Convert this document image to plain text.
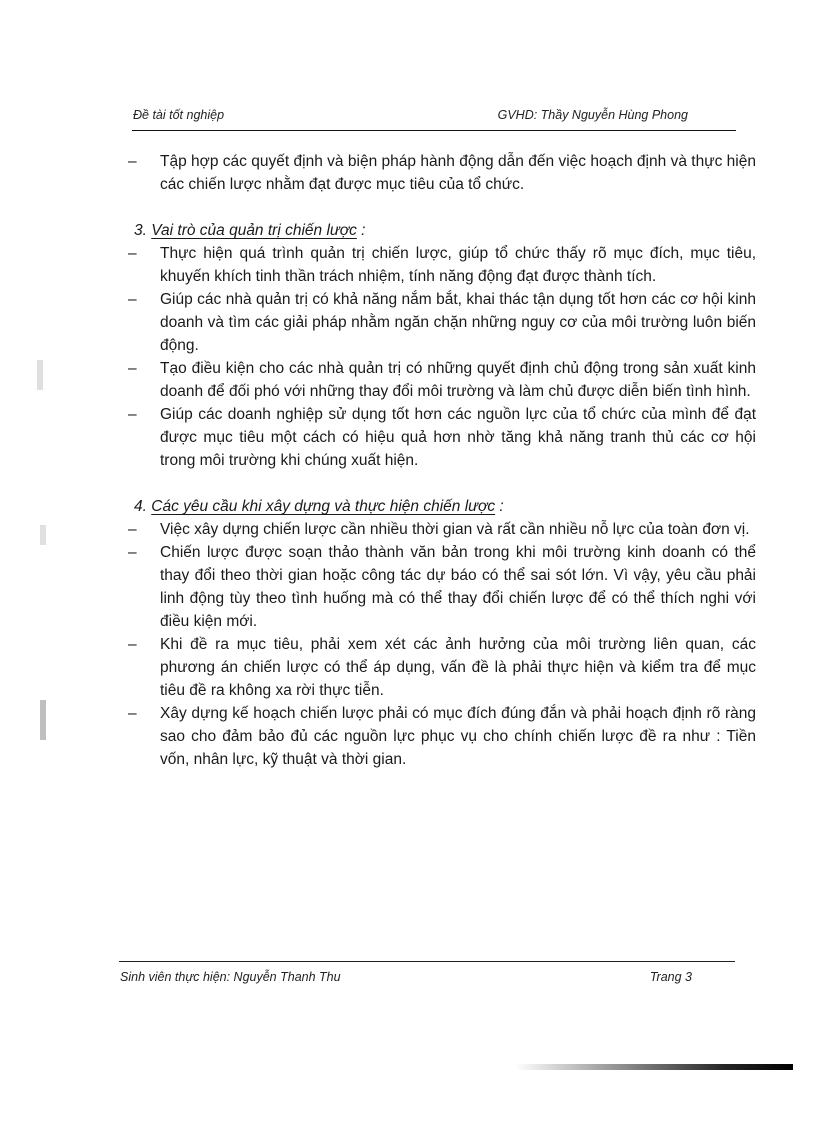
Đề tài tốt nghiệp	GVHD: Thầy Nguyễn Hùng Phong
– Tập hợp các quyết định và biện pháp hành động dẫn đến việc hoạch định và thực hiện các chiến lược nhằm đạt được mục tiêu của tổ chức.
3. Vai trò của quản trị chiến lược :
– Thực hiện quá trình quản trị chiến lược, giúp tổ chức thấy rõ mục đích, mục tiêu, khuyến khích tinh thần trách nhiệm, tính năng động đạt được thành tích.
– Giúp các nhà quản trị có khả năng nắm bắt, khai thác tận dụng tốt hơn các cơ hội kinh doanh và tìm các giải pháp nhằm ngăn chặn những nguy cơ của môi trường luôn biến động.
– Tạo điều kiện cho các nhà quản trị có những quyết định chủ động trong sản xuất kinh doanh để đối phó với những thay đổi môi trường và làm chủ được diễn biến tình hình.
– Giúp các doanh nghiệp sử dụng tốt hơn các nguồn lực của tổ chức của mình để đạt được mục tiêu một cách có hiệu quả hơn nhờ tăng khả năng tranh thủ các cơ hội trong môi trường khi chúng xuất hiện.
4. Các yêu cầu khi xây dựng và thực hiện chiến lược :
– Việc xây dựng chiến lược cần nhiều thời gian và rất cần nhiều nỗ lực của toàn đơn vị.
– Chiến lược được soạn thảo thành văn bản trong khi môi trường kinh doanh có thể thay đổi theo thời gian hoặc công tác dự báo có thể sai sót lớn. Vì vậy, yêu cầu phải linh động tùy theo tình huống mà có thể thay đổi chiến lược để có thể thích nghi với điều kiện mới.
– Khi đề ra mục tiêu, phải xem xét các ảnh hưởng của môi trường liên quan, các phương án chiến lược có thể áp dụng, vấn đề là phải thực hiện và kiểm tra để mục tiêu đề ra không xa rời thực tiễn.
– Xây dựng kế hoạch chiến lược phải có mục đích đúng đắn và phải hoạch định rõ ràng sao cho đảm bảo đủ các nguồn lực phục vụ cho chính chiến lược đề ra như : Tiền vốn, nhân lực, kỹ thuật và thời gian.
Sinh viên thực hiện: Nguyễn Thanh Thu	Trang 3
